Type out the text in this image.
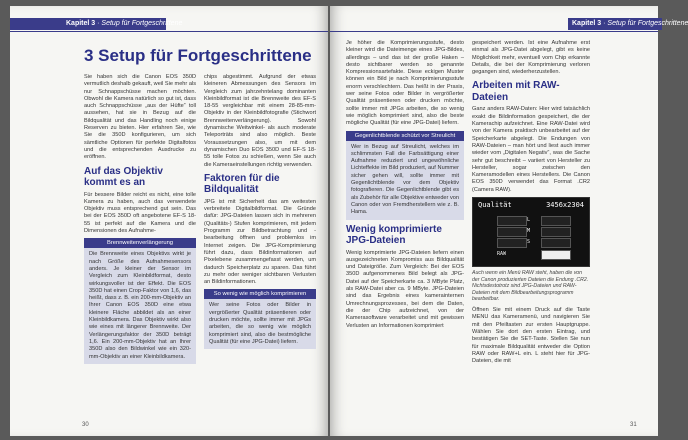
Kapitel 3 · Setup für Fortgeschrittene
3 Setup für Fortgeschrittene

Sie haben sich die Canon EOS 350D vermutlich deshalb gekauft, weil Sie mehr als nur Schnappschüsse machen möchten. Obwohl die Kamera natürlich so gut ist, dass auch Schnappschüsse „aus der Hüfte“ toll aussehen, hat sie in Bezug auf die Bildqualität und das Handling noch einige Reserven zu bieten. Hier erfahren Sie, wie Sie die 350D konfigurieren, um sich sämtliche Optionen für perfekte Digitalfotos und die entsprechenden Ausdrucke zu eröffnen.

Auf das Objektiv kommt es an

Für bessere Bilder reicht es nicht, eine tolle Kamera zu haben, auch das verwendete Objektiv muss entsprechend gut sein. Das bei der EOS 350D oft angebotene EF-S 18-55 ist perfekt auf die Kamera und die Dimensionen des Aufnahme-

Brennweitenverlängerung
Die Brennweite eines Objektivs wirkt je nach Größe des Aufnahmesensors anders. Je kleiner der Sensor im Vergleich zum Kleinbildformat, desto wirkungsvoller ist der Effekt. Die EOS 350D hat einen Crop-Faktor von 1,6, das heißt, dass z. B. ein 200-mm-Objektiv an Ihrer Canon EOS 350D eine etwa kleinere Fläche abbildet als an einer Kleinbildkamera. Das Objektiv wirkt also wie eines mit längerer Brennweite. Der Verlängerungsfaktor der 350D beträgt 1,6. Ein 200-mm-Objektiv hat an Ihrer 350D also den Bildwinkel wie ein 320-mm-Objektiv an einer Kleinbildkamera.

chips abgestimmt. Aufgrund der etwas kleineren Abmessungen des Sensors im Vergleich zum jahrzehntelang dominanten Kleinbildformat ist die Brennweite des EF-S 18-55 vergleichbar mit einem 28-85-mm-Objektiv in der Kleinbildfotografie (Stichwort Brennweitenverlängerung). Sowohl dynamische Weitwinkel- als auch moderate Teleporträts sind also möglich. Beste Voraussetzungen also, um mit dem dynamischen Duo EOS 350D und EF-S 18-55 tolle Fotos zu schießen, wenn Sie auch die Kameraeinstellungen richtig verwenden.

Faktoren für die Bildqualität

JPG ist mit Sicherheit das am weitesten verbreitete Digitalbildformat. Die Gründe dafür: JPG-Dateien lassen sich in mehreren (Qualitäts-) Stufen komprimieren, mit jedem Programm zur Bildbetrachtung und -bearbeitung öffnen und problemlos im Internet zeigen. Die JPG-Komprimierung führt dazu, dass Bildinformationen auf Pixelebene zusammengefasst werden, um dadurch Speicherplatz zu sparen. Das führt zu mehr oder weniger sichtbaren Verlusten an Bildinformationen.

So wenig wie möglich komprimieren
Wer seine Fotos oder Bilder in vergrößerter Qualität präsentieren oder drucken möchte, sollte immer mit JPGs arbeiten, die so wenig wie möglich komprimiert sind, also die bestmögliche Qualität (für eine JPG-Datei) liefern.
30
Kapitel 3 · Setup für Fortgeschrittene

Je höher die Komprimierungsstufe, desto kleiner wird die Dateimenge eines JPG-Bildes, allerdings – und das ist der große Haken – desto sichtbarer werden so genannte Kompressionsartefakte. Diese eckigen Muster können ein Bild je nach Komprimierungsstufe enorm verschlechtern. Das heißt in der Praxis, wer seine Fotos oder Bilder in vergrößerter Qualität präsentieren oder drucken möchte, sollte immer mit JPGs arbeiten, die so wenig wie möglich komprimiert sind, also die beste mögliche Qualität (für eine JPG-Datei) liefern.

Gegenlichtblende schützt vor Streulicht
Wer in Bezug auf Streulicht, welches im schlimmsten Fall die Farbsättigung einer Aufnahme reduziert und ungewöhnliche Lichteffekte im Bild produziert, auf Nummer sicher gehen will, sollte immer mit Gegenlichtblende vor dem Objektiv fotografieren. Die Gegenlichtblende gibt es als Zubehör für alle Objektive entweder von Canon oder von Fremdherstellern wie z. B. Hama.
Wenig komprimierte JPG-Dateien

Wenig komprimierte JPG-Dateien liefern einen ausgezeichneten Kompromiss aus Bildqualität und Dateigröße. Zum Vergleich: Bei der EOS 350D aufgenommenes Bild belegt als JPG-Datei auf der Speicherkarte ca. 3 MByte Platz, als RAW-Datei aber ca. 9 MByte. JPG-Dateien sind das Ergebnis eines kamerainternen Umrechnungsprozesses, bei dem die Daten, die der Chip aufzeichnet, von der Kamerasoftware verarbeitet und mit gewissen Verlusten an Informationen komprimiert

gespeichert werden. Ist eine Aufnahme erst einmal als JPG-Datei abgelegt, gibt es keine Möglichkeit mehr, eventuell vom Chip erkannte Details, die bei der Komprimierung verloren gegangen sind, wiederherzustellen.

Arbeiten mit RAW-Dateien

Ganz anders RAW-Daten: Hier wird tatsächlich exakt die Bildinformation gespeichert, die der Kamerachip aufzeichnet. Eine RAW-Datei wird von der Kamera praktisch unbearbeitet auf der Speicherkarte abgelegt. Die Endungen von RAW-Dateien – man hört und liest auch immer wieder vom „Digitalen Negativ“, was die Sache sehr gut beschreibt – variiert von Hersteller zu Hersteller, sogar zwischen den Kameramodellen eines Herstellers. Die Canon EOS 350D verwendet das Format .CR2 (Camera RAW).

Qualität	3456x2304
L
M
S
RAW
Auch wenn ein Menü RAW steht, haben die von der Canon produzierten Dateien die Endung .CR2. Nichtsdestotrotz sind JPG-Dateien und RAW-Dateien mit dem Bildbearbeitungsprogramm bearbeitbar.

Öffnen Sie mit einem Druck auf die Taste MENU das Kameramenü, und navigieren Sie mit den Pfeiltasten zur ersten Hauptgruppe. Wählen Sie dort den ersten Eintrag, und bestätigen Sie die SET-Taste. Stellen Sie nun für maximale Bildqualität entweder die Option RAW oder RAW+L ein. L steht hier für JPG-Dateien, die mit

31
